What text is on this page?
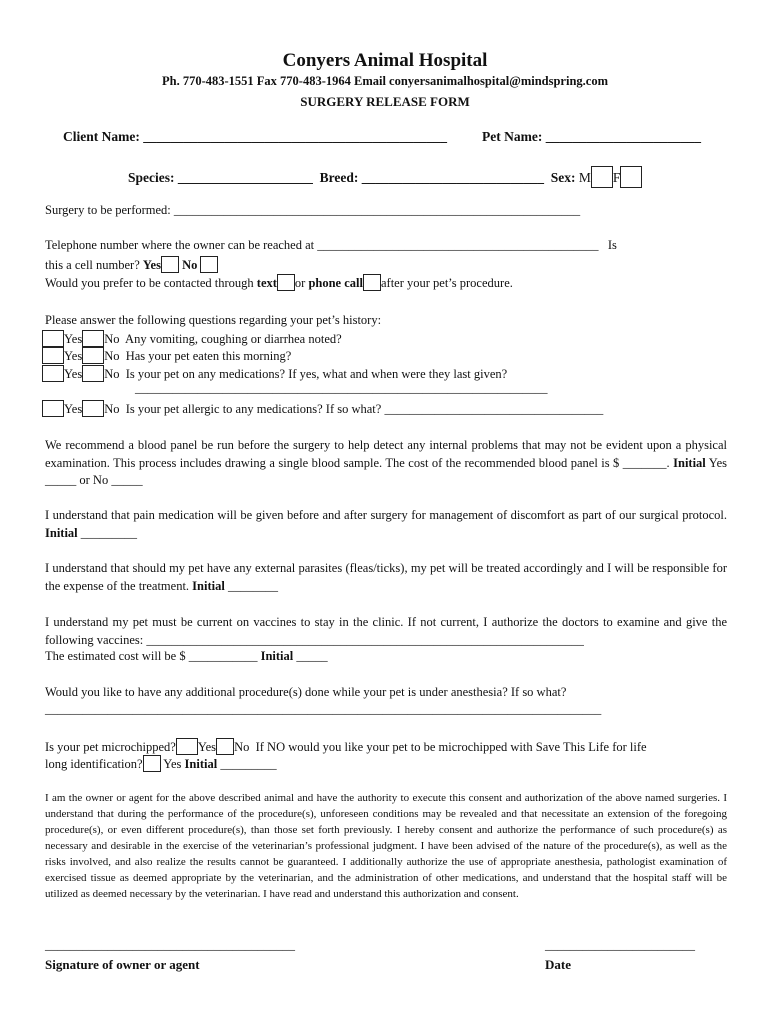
Conyers Animal Hospital
Ph. 770-483-1551 Fax 770-483-1964 Email conyersanimalhospital@mindspring.com
SURGERY RELEASE FORM
Client Name: _____________________________________________	Pet Name: _______________________
Species: ____________________ Breed: ___________________________ Sex: M F
Surgery to be performed: _________________________________________________________________
Telephone number where the owner can be reached at _____________________________________________ Is
this a cell number? Yes No
Would you prefer to be contacted through text or phone call after your pet’s procedure.
Please answer the following questions regarding your pet’s history:
Yes No Any vomiting, coughing or diarrhea noted?
Yes No Has your pet eaten this morning?
Yes No Is your pet on any medications? If yes, what and when were they last given?
__________________________________________________________________
Yes No Is your pet allergic to any medications? If so what? ___________________________________
We recommend a blood panel be run before the surgery to help detect any internal problems that may not be evident upon a physical examination. This process includes drawing a single blood sample. The cost of the recommended blood panel is $ _______. Initial Yes _____ or No _____
I understand that pain medication will be given before and after surgery for management of discomfort as part of our surgical protocol. Initial _________
I understand that should my pet have any external parasites (fleas/ticks), my pet will be treated accordingly and I will be responsible for the expense of the treatment. Initial ________
I understand my pet must be current on vaccines to stay in the clinic. If not current, I authorize the doctors to examine and give the following vaccines: ______________________________________________________________________
The estimated cost will be $ ___________ Initial _____
Would you like to have any additional procedure(s) done while your pet is under anesthesia? If so what?
_________________________________________________________________________________________
Is your pet microchipped? Yes No If NO would you like your pet to be microchipped with Save This Life for life
long identification? Yes Initial _________
I am the owner or agent for the above described animal and have the authority to execute this consent and authorization of the above named surgeries. I understand that during the performance of the procedure(s), unforeseen conditions may be revealed and that necessitate an extension of the foregoing procedure(s), or even different procedure(s), than those set forth previously. I hereby consent and authorize the performance of such procedure(s) as necessary and desirable in the exercise of the veterinarian’s professional judgment. I have been advised of the nature of the procedure(s), as well as the risks involved, and also realize the results cannot be guaranteed. I additionally authorize the use of appropriate anesthesia, pathologist examination of exercised tissue as deemed appropriate by the veterinarian, and the administration of other medications, and understand that the hospital staff will be utilized as deemed necessary by the veterinarian. I have read and understand this authorization and consent.
________________________________________
Signature of owner or agent
________________________
Date
